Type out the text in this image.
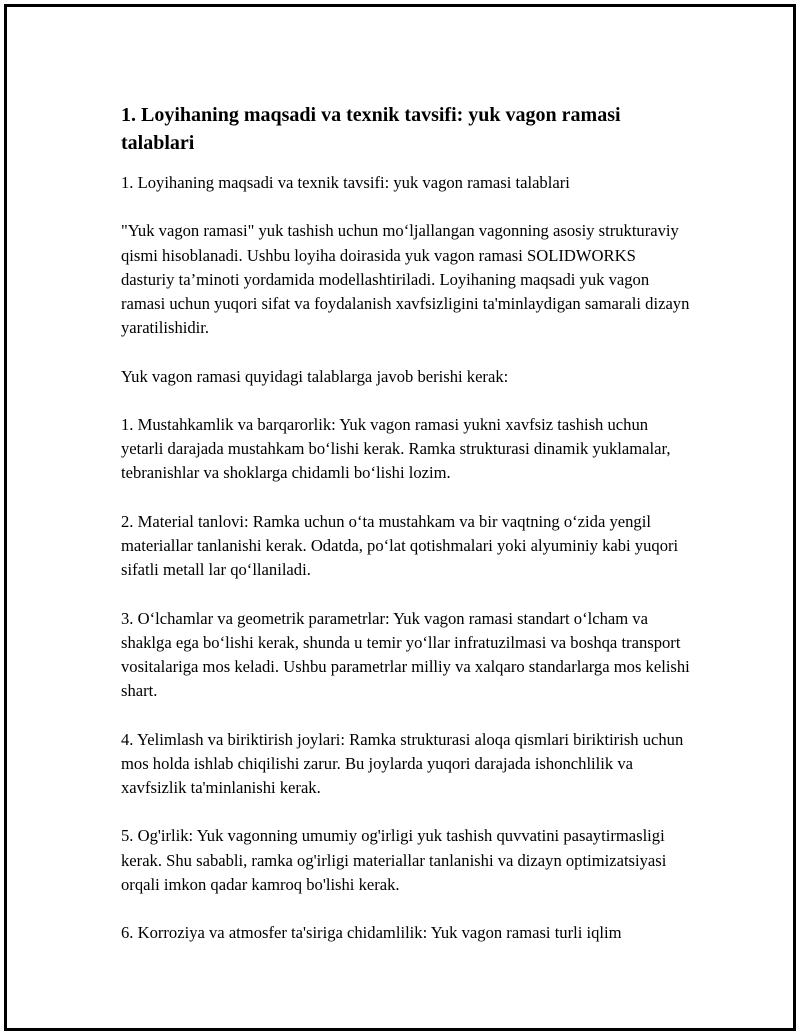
1. Loyihaning maqsadi va texnik tavsifi: yuk vagon ramasi talablari

1. Loyihaning maqsadi va texnik tavsifi: yuk vagon ramasi talablari

"Yuk vagon ramasi" yuk tashish uchun mo‘ljallangan vagonning asosiy strukturaviy qismi hisoblanadi. Ushbu loyiha doirasida yuk vagon ramasi SOLIDWORKS dasturiy ta’minoti yordamida modellashtiriladi. Loyihaning maqsadi yuk vagon ramasi uchun yuqori sifat va foydalanish xavfsizligini ta'minlaydigan samarali dizayn yaratilishidir.

Yuk vagon ramasi quyidagi talablarga javob berishi kerak:

1. Mustahkamlik va barqarorlik: Yuk vagon ramasi yukni xavfsiz tashish uchun yetarli darajada mustahkam bo‘lishi kerak. Ramka strukturasi dinamik yuklamalar, tebranishlar va shoklarga chidamli bo‘lishi lozim.

2. Material tanlovi: Ramka uchun o‘ta mustahkam va bir vaqtning o‘zida yengil materiallar tanlanishi kerak. Odatda, po‘lat qotishmalari yoki alyuminiy kabi yuqori sifatli metall lar qo‘llaniladi.

3. O‘lchamlar va geometrik parametrlar: Yuk vagon ramasi standart o‘lcham va shaklga ega bo‘lishi kerak, shunda u temir yo‘llar infratuzilmasi va boshqa transport vositalariga mos keladi. Ushbu parametrlar milliy va xalqaro standarlarga mos kelishi shart.

4. Yelimlash va biriktirish joylari: Ramka strukturasi aloqa qismlari biriktirish uchun mos holda ishlab chiqilishi zarur. Bu joylarda yuqori darajada ishonchlilik va xavfsizlik ta'minlanishi kerak.

5. Og'irlik: Yuk vagonning umumiy og'irligi yuk tashish quvvatini pasaytirmasligi kerak. Shu sababli, ramka og'irligi materiallar tanlanishi va dizayn optimizatsiyasi orqali imkon qadar kamroq bo'lishi kerak.

6. Korroziya va atmosfer ta'siriga chidamlilik: Yuk vagon ramasi turli iqlim
